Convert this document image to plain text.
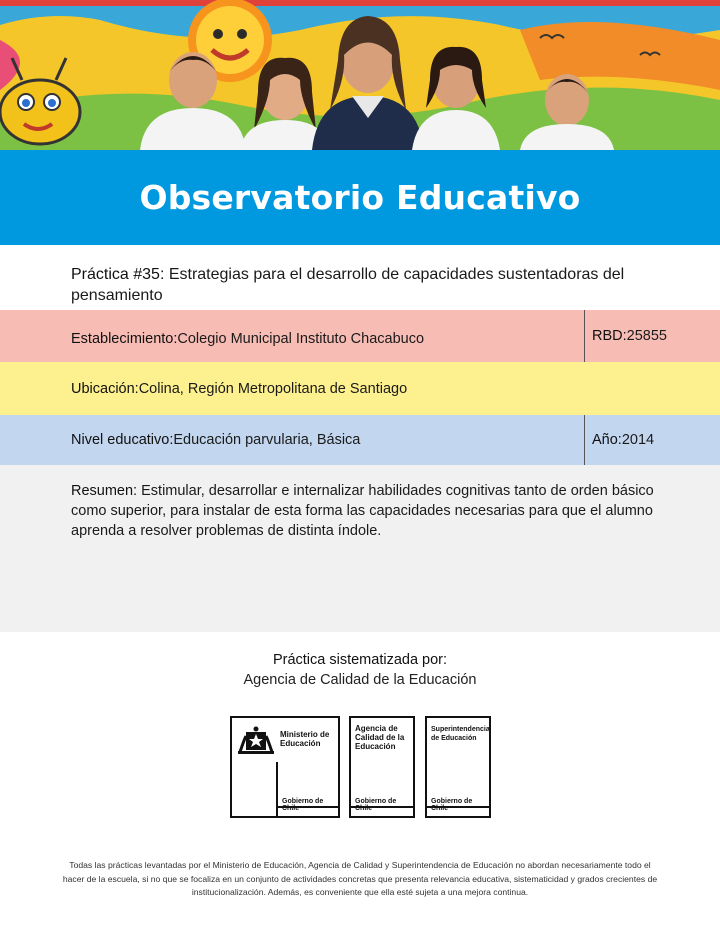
Observatorio Educativo
Práctica #35: Estrategias para el desarrollo de capacidades sustentadoras del pensamiento
Establecimiento: Colegio Municipal Instituto Chacabuco	RBD: 25855
Ubicación: Colina, Región Metropolitana de Santiago
Nivel educativo: Educación parvularia, Básica	Año: 2014
Resumen: Estimular, desarrollar e internalizar habilidades cognitivas tanto de orden básico como superior, para instalar de esta forma las capacidades necesarias para que el alumno aprenda a resolver problemas de distinta índole.
Práctica sistematizada por:
Agencia de Calidad de la Educación
Ministerio de
Educación
Gobierno de Chile
Agencia de
Calidad de la
Educación
Gobierno de Chile
Superintendencia
de Educación
Gobierno de Chile
Todas las prácticas levantadas por el Ministerio de Educación, Agencia de Calidad y Superintendencia de Educación no abordan necesariamente todo el hacer de la escuela, si no que se focaliza en un conjunto de actividades concretas que presenta relevancia educativa, sistematicidad y grados crecientes de institucionalización. Además, es conveniente que ella esté sujeta a una mejora continua.
